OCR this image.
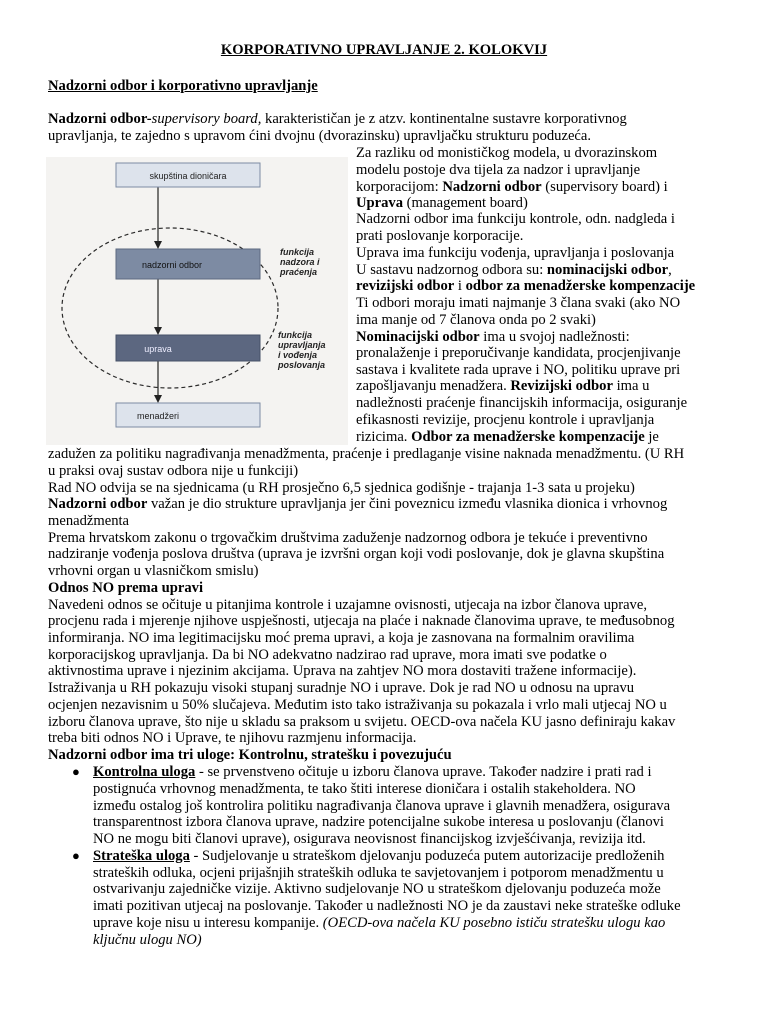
KORPORATIVNO UPRAVLJANJE 2. KOLOKVIJ
Nadzorni odbor i korporativno upravljanje
Nadzorni odbor-supervisory board, karakterističan je z atzv. kontinentalne sustavre korporativnog
upravljanja, te zajedno s upravom ćini dvojnu (dvorazinsku) upravljačku strukturu poduzeća.
skupština dioničara
nadzorni odbor
uprava
menadžeri
funkcija
nadzora i
praćenja
funkcija
upravljanja
i vođenja
poslovanja
Za razliku od monističkog modela, u dvorazinskom
modelu postoje dva tijela za nadzor i upravljanje
korporacijom: Nadzorni odbor (supervisory board) i
Uprava (management board)
Nadzorni odbor ima funkciju kontrole, odn. nadgleda i
prati poslovanje korporacije.
Uprava ima funkciju vođenja, upravljanja i poslovanja
U sastavu nadzornog odbora su: nominacijski odbor,
revizijski odbor i odbor za menadžerske kompenzacije
Ti odbori moraju imati najmanje 3 člana svaki (ako NO
ima manje od 7 članova onda po 2 svaki)
Nominacijski odbor ima u svojoj nadležnosti:
pronalaženje i preporučivanje kandidata, procjenjivanje
sastava i kvalitete rada uprave i NO, politiku uprave pri
zapošljavanju menadžera. Revizijski odbor ima u
nadležnosti praćenje financijskih informacija, osiguranje
efikasnosti revizije, procjenu kontrole i upravljanja
rizicima. Odbor za menadžerske kompenzacije je
zadužen za politiku nagrađivanja menadžmenta, praćenje i predlaganje visine naknada menadžmentu. (U RH
u praksi ovaj sustav odbora nije u funkciji)
Rad NO odvija se na sjednicama (u RH prosječno 6,5 sjednica godišnje - trajanja 1-3 sata u projeku)
Nadzorni odbor važan je dio strukture upravljanja jer čini poveznicu između vlasnika dionica i vrhovnog
menadžmenta
Prema hrvatskom zakonu o trgovačkim društvima zaduženje nadzornog odbora je tekuće i preventivno
nadziranje vođenja poslova društva (uprava je izvršni organ koji vodi poslovanje, dok je glavna skupština
vrhovni organ u vlasničkom smislu)
Odnos NO prema upravi
Navedeni odnos se očituje u pitanjima kontrole i uzajamne ovisnosti, utjecaja na izbor članova uprave,
procjenu rada i mjerenje njihove uspješnosti, utjecaja na plaće i naknade članovima uprave, te međusobnog
informiranja. NO ima legitimacijsku moć prema upravi, a koja je zasnovana na formalnim oravilima
korporacijskog upravljanja. Da bi NO adekvatno nadzirao rad uprave, mora imati sve podatke o
aktivnostima uprave i njezinim akcijama. Uprava na zahtjev NO mora dostaviti tražene informacije).
Istraživanja u RH pokazuju visoki stupanj suradnje NO i uprave. Dok je rad NO u odnosu na upravu
ocjenjen nezavisnim u 50% slučajeva. Međutim isto tako istraživanja su pokazala i vrlo mali utjecaj NO u
izboru članova uprave, što nije u skladu sa praksom u svijetu. OECD-ova načela KU jasno definiraju kakav
treba biti odnos NO i Uprave, te njihovu razmjenu informacija.
Nadzorni odbor ima tri uloge: Kontrolnu, stratešku i povezujuću
● Kontrolna uloga - se prvenstveno očituje u izboru članova uprave. Također nadzire i prati rad i
postignuća vrhovnog menadžmenta, te tako štiti interese dioničara i ostalih stakeholdera. NO
između ostalog još kontrolira politiku nagrađivanja članova uprave i glavnih menadžera, osigurava
transparentnost izbora članova uprave, nadzire potencijalne sukobe interesa u poslovanju (članovi
NO ne mogu biti članovi uprave), osigurava neovisnost financijskog izvješćivanja, revizija itd.
● Strateška uloga - Sudjelovanje u strateškom djelovanju poduzeća putem autorizacije predloženih
strateških odluka, ocjeni prijašnjih strateških odluka te savjetovanjem i potporom menadžmentu u
ostvarivanju zajedničke vizije. Aktivno sudjelovanje NO u strateškom djelovanju poduzeća može
imati pozitivan utjecaj na poslovanje. Također u nadležnosti NO je da zaustavi neke strateške odluke
uprave koje nisu u interesu kompanije. (OECD-ova načela KU posebno ističu stratešku ulogu kao
ključnu ulogu NO)
